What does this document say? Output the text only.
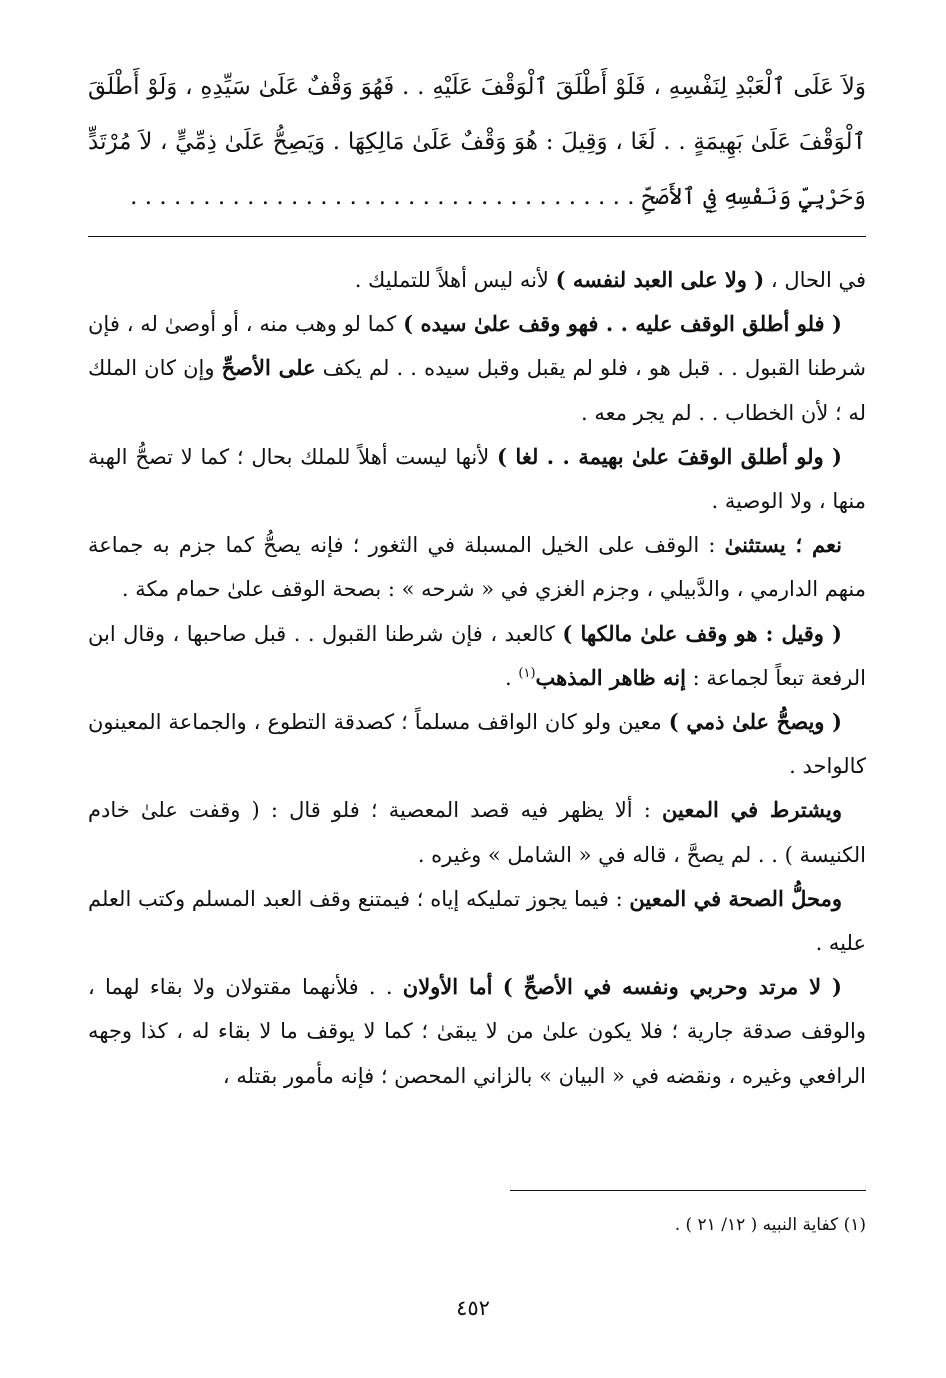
وَلاَ عَلَى ٱلْعَبْدِ لِنَفْسِهِ ، فَلَوْ أَطْلَقَ ٱلْوَقْفَ عَلَيْهِ . . فَهُوَ وَقْفٌ عَلَىٰ سَيِّدِهِ ، وَلَوْ أَطْلَقَ
ٱلْوَقْفَ عَلَىٰ بَهِيمَةٍ . . لَغَا ، وَقِيلَ : هُوَ وَقْفٌ عَلَىٰ مَالِكِهَا . وَيَصِحُّ عَلَىٰ ذِمِّيٍّ ، لاَ مُرْتَدٍّ
وَحَرْبِيٍّ وَنَفْسِهِ فِي ٱلأَصَحِّ . . . . . . . . . . . . . . . . . . . . . . . . . . . . . . . . . . .

في الحال ، ( ولا على العبد لنفسه ) لأنه ليس أهلاً للتمليك .

( فلو أطلق الوقف عليه . . فهو وقف علىٰ سيده ) كما لو وهب منه ، أو أوصىٰ له ، فإن شرطنا القبول . . قبل هو ، فلو لم يقبل وقبل سيده . . لم يكف على الأصحِّ وإن كان الملك له ؛ لأن الخطاب . . لم يجر معه .

( ولو أطلق الوقفَ علىٰ بهيمة . . لغا ) لأنها ليست أهلاً للملك بحال ؛ كما لا تصحُّ الهبة منها ، ولا الوصية .

نعم ؛ يستثنىٰ : الوقف على الخيل المسبلة في الثغور ؛ فإنه يصحُّ كما جزم به جماعة منهم الدارمي ، والدَّبيلي ، وجزم الغزي في « شرحه » : بصحة الوقف علىٰ حمام مكة .

( وقيل : هو وقف علىٰ مالكها ) كالعبد ، فإن شرطنا القبول . . قبل صاحبها ، وقال ابن الرفعة تبعاً لجماعة : إنه ظاهر المذهب$^{(١)}$ .

( ويصحُّ علىٰ ذمي ) معين ولو كان الواقف مسلماً ؛ كصدقة التطوع ، والجماعة المعينون كالواحد .

ويشترط في المعين : ألا يظهر فيه قصد المعصية ؛ فلو قال : ( وقفت علىٰ خادم الكنيسة ) . . لم يصحَّ ، قاله في « الشامل » وغيره .

ومحلُّ الصحة في المعين : فيما يجوز تمليكه إياه ؛ فيمتنع وقف العبد المسلم وكتب العلم عليه .

( لا مرتد وحربي ونفسه في الأصحِّ ) أما الأولان . . فلأنهما مقتولان ولا بقاء لهما ، والوقف صدقة جارية ؛ فلا يكون علىٰ من لا يبقىٰ ؛ كما لا يوقف ما لا بقاء له ، كذا وجهه الرافعي وغيره ، ونقضه في « البيان » بالزاني المحصن ؛ فإنه مأمور بقتله ،

(١) كفاية النبيه ( ١٢/ ٢١ ) .
٤٥٢
